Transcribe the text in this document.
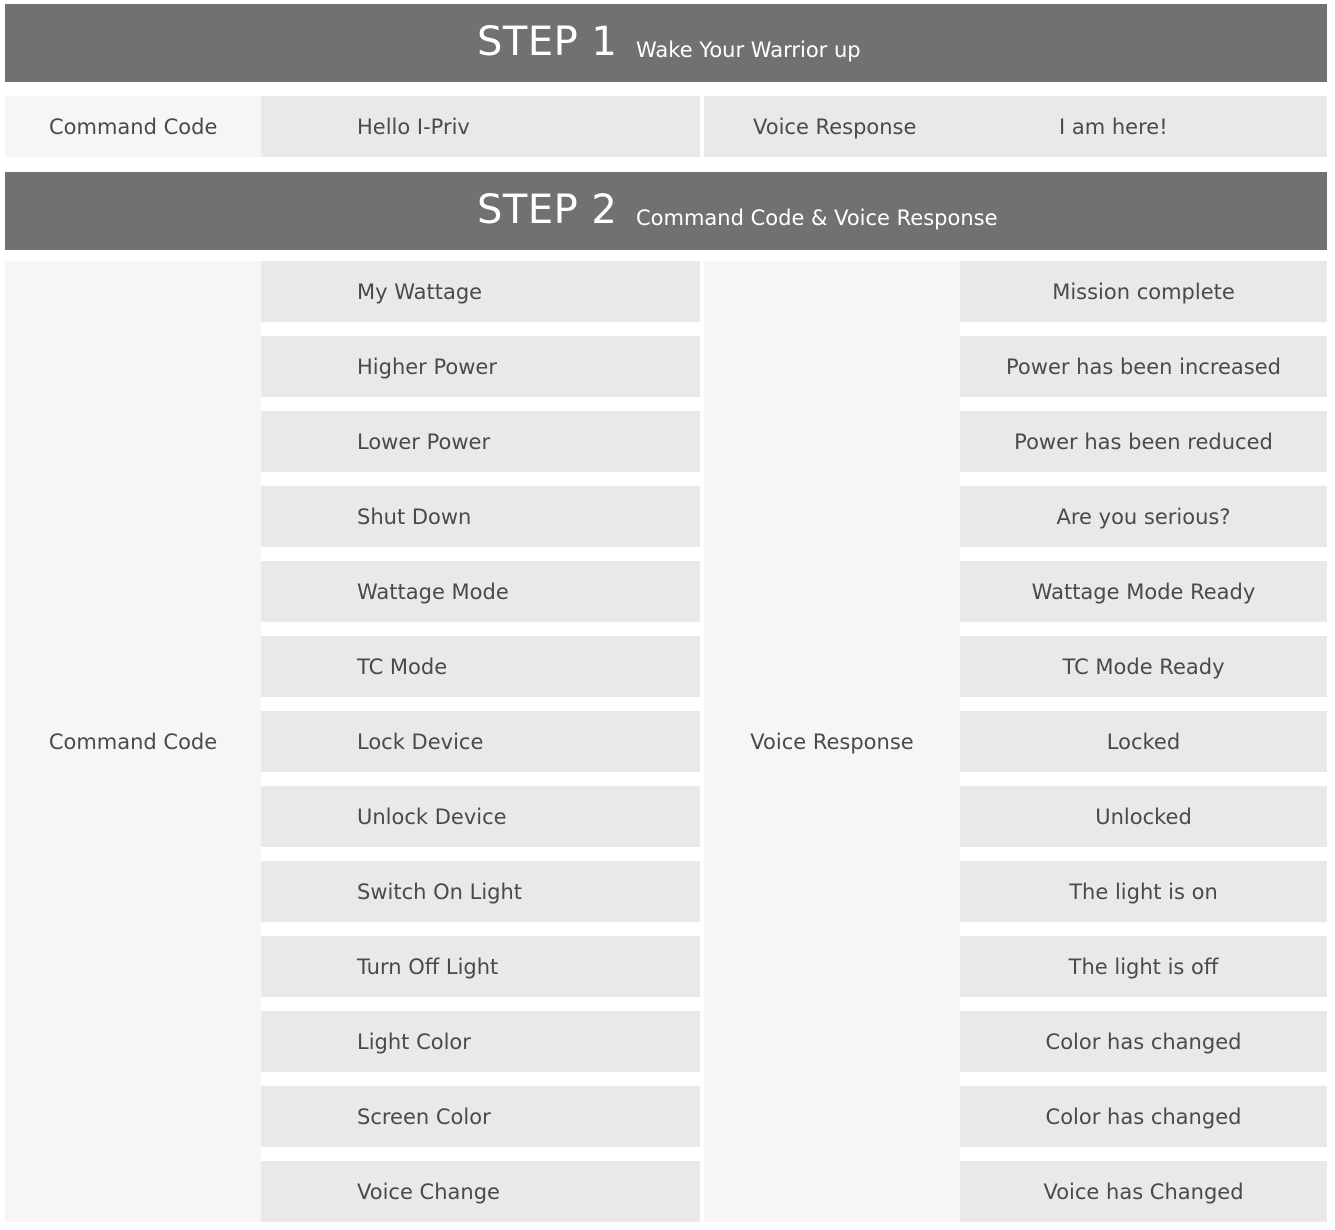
STEP 1 Wake Your Warrior up
Command Code	Hello I-Priv	Voice Response	I am here!
STEP 2 Command Code & Voice Response
Command Code	Voice Response
My Wattage	Mission complete
Higher Power	Power has been increased
Lower Power	Power has been reduced
Shut Down	Are you serious?
Wattage Mode	Wattage Mode Ready
TC Mode	TC Mode Ready
Lock Device	Locked
Unlock Device	Unlocked
Switch On Light	The light is on
Turn Off Light	The light is off
Light Color	Color has changed
Screen Color	Color has changed
Voice Change	Voice has Changed
